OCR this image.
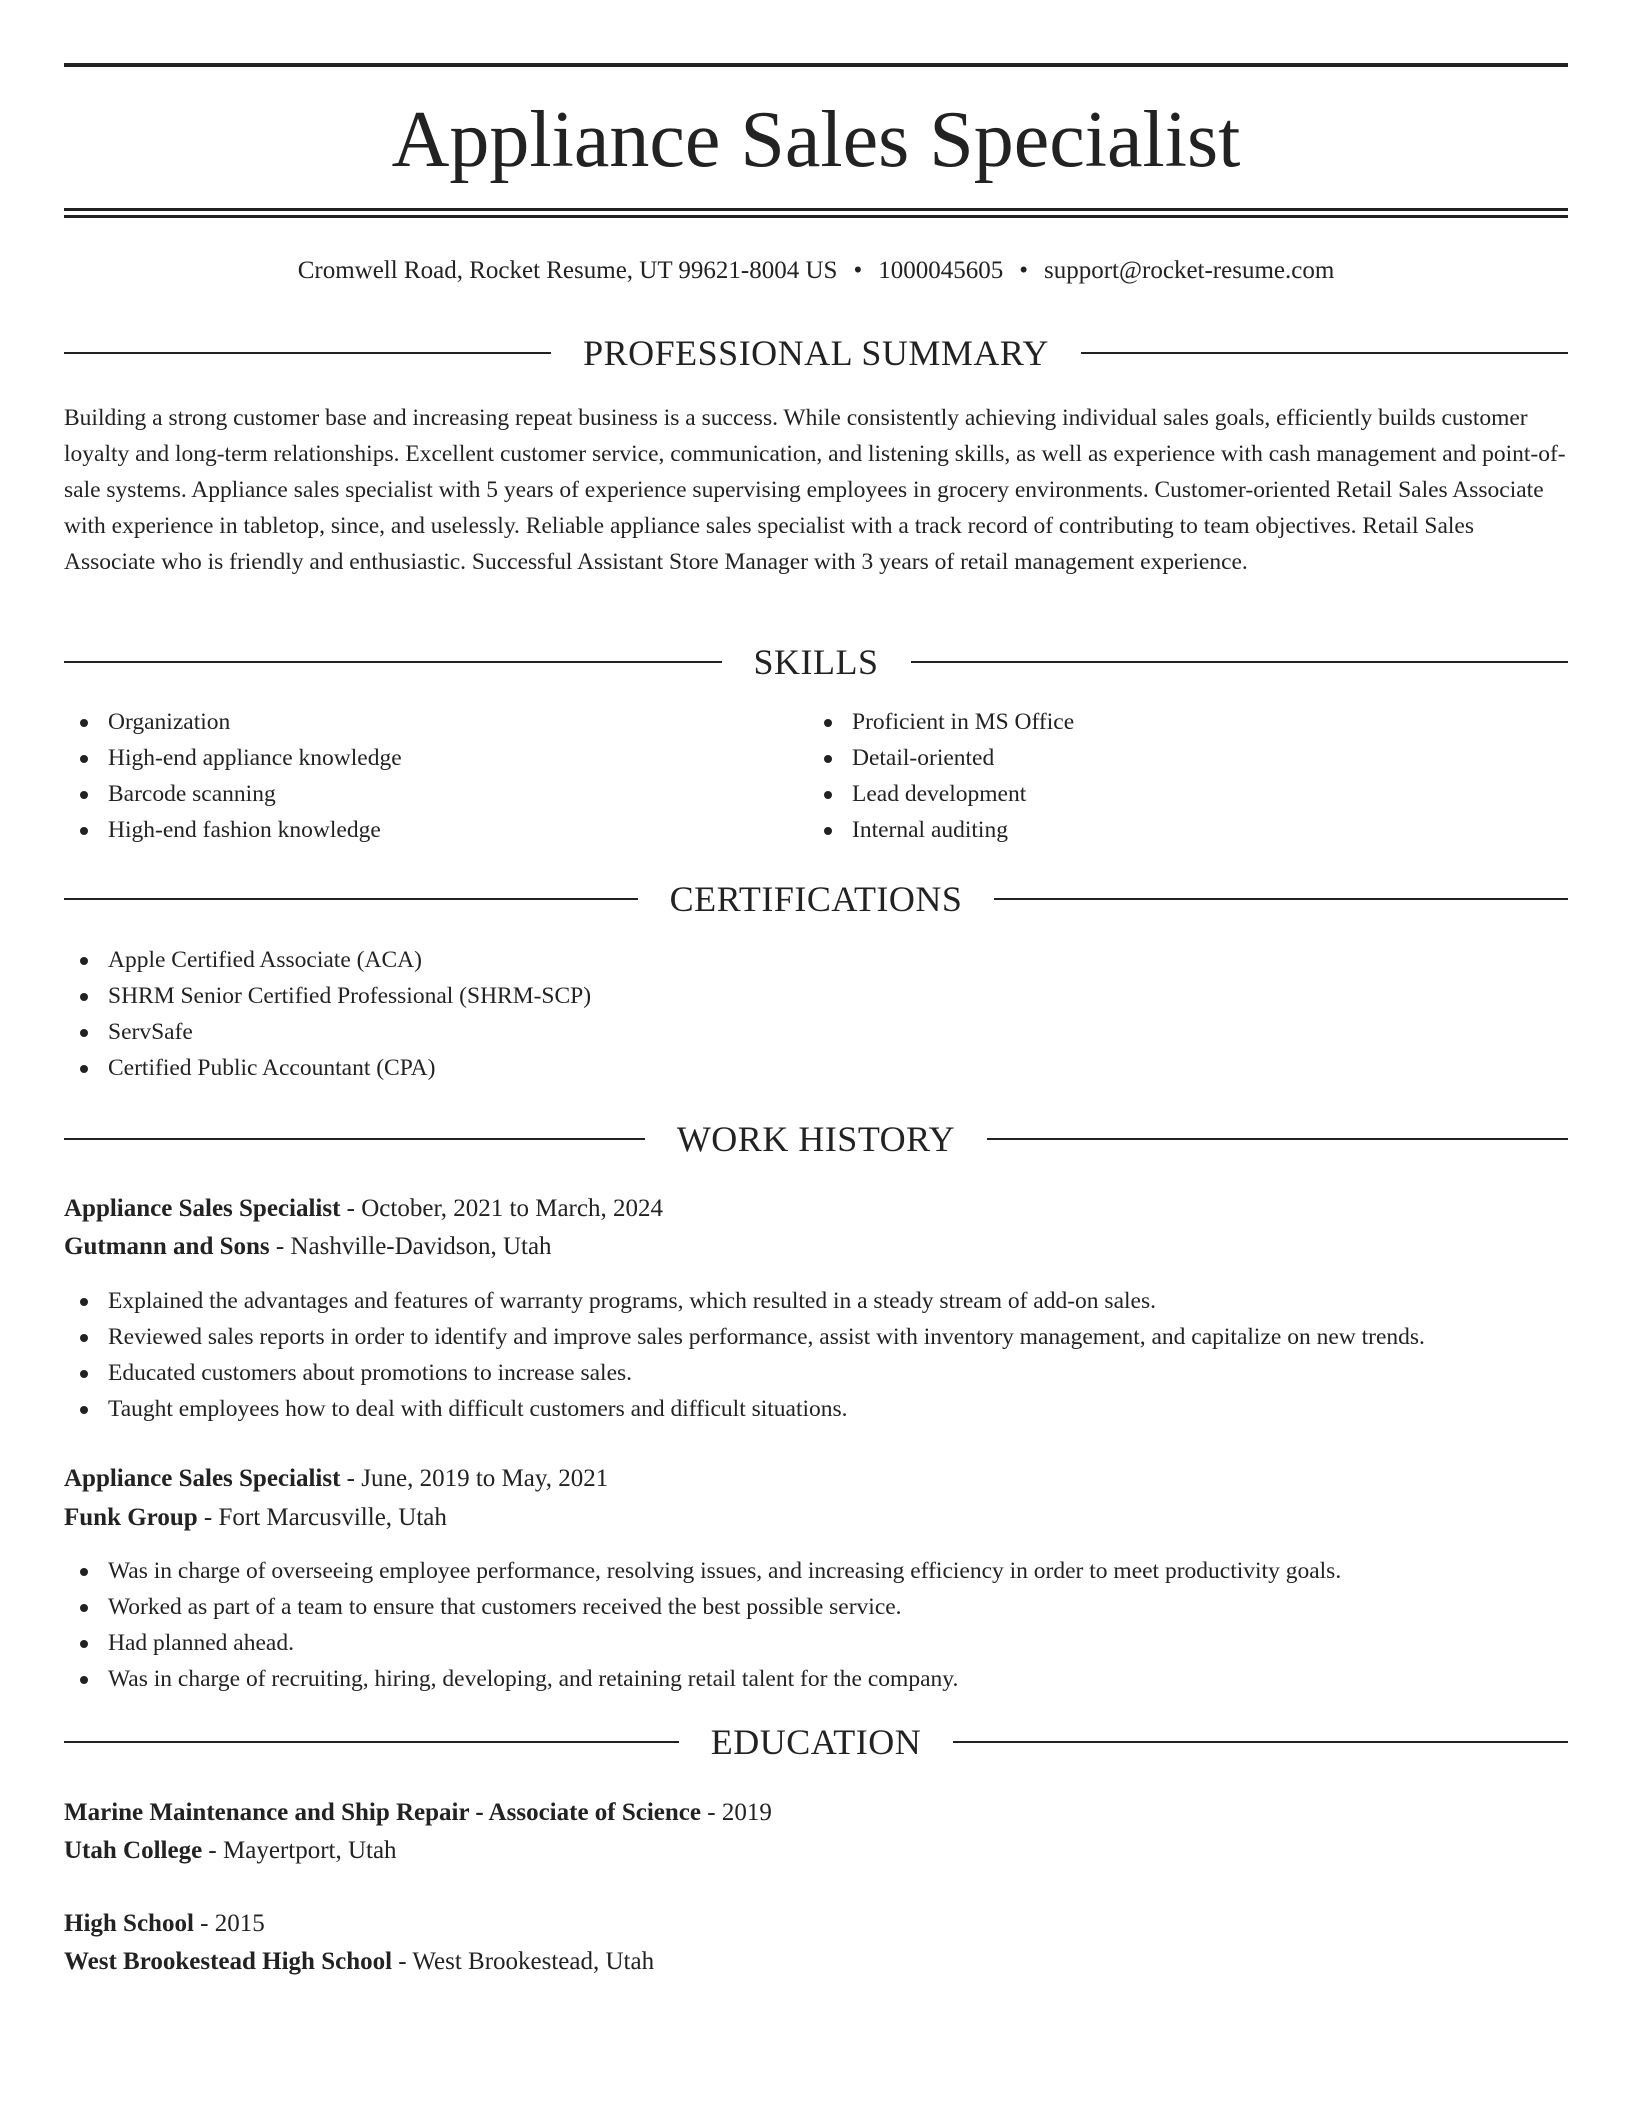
Appliance Sales Specialist
Cromwell Road, Rocket Resume, UT 99621-8004 US • 1000045605 • support@rocket-resume.com
PROFESSIONAL SUMMARY

Building a strong customer base and increasing repeat business is a success. While consistently achieving individual sales goals, efficiently builds customer loyalty and long-term relationships. Excellent customer service, communication, and listening skills, as well as experience with cash management and point-of-sale systems. Appliance sales specialist with 5 years of experience supervising employees in grocery environments. Customer-oriented Retail Sales Associate with experience in tabletop, since, and uselessly. Reliable appliance sales specialist with a track record of contributing to team objectives. Retail Sales Associate who is friendly and enthusiastic. Successful Assistant Store Manager with 3 years of retail management experience.

SKILLS
Organization
High-end appliance knowledge
Barcode scanning
High-end fashion knowledge
Proficient in MS Office
Detail-oriented
Lead development
Internal auditing
CERTIFICATIONS
Apple Certified Associate (ACA)
SHRM Senior Certified Professional (SHRM-SCP)
ServSafe
Certified Public Accountant (CPA)
WORK HISTORY
Appliance Sales Specialist - October, 2021 to March, 2024
Gutmann and Sons - Nashville-Davidson, Utah
Explained the advantages and features of warranty programs, which resulted in a steady stream of add-on sales.
Reviewed sales reports in order to identify and improve sales performance, assist with inventory management, and capitalize on new trends.
Educated customers about promotions to increase sales.
Taught employees how to deal with difficult customers and difficult situations.
Appliance Sales Specialist - June, 2019 to May, 2021
Funk Group - Fort Marcusville, Utah
Was in charge of overseeing employee performance, resolving issues, and increasing efficiency in order to meet productivity goals.
Worked as part of a team to ensure that customers received the best possible service.
Had planned ahead.
Was in charge of recruiting, hiring, developing, and retaining retail talent for the company.
EDUCATION
Marine Maintenance and Ship Repair - Associate of Science - 2019
Utah College - Mayertport, Utah
High School - 2015
West Brookestead High School - West Brookestead, Utah
